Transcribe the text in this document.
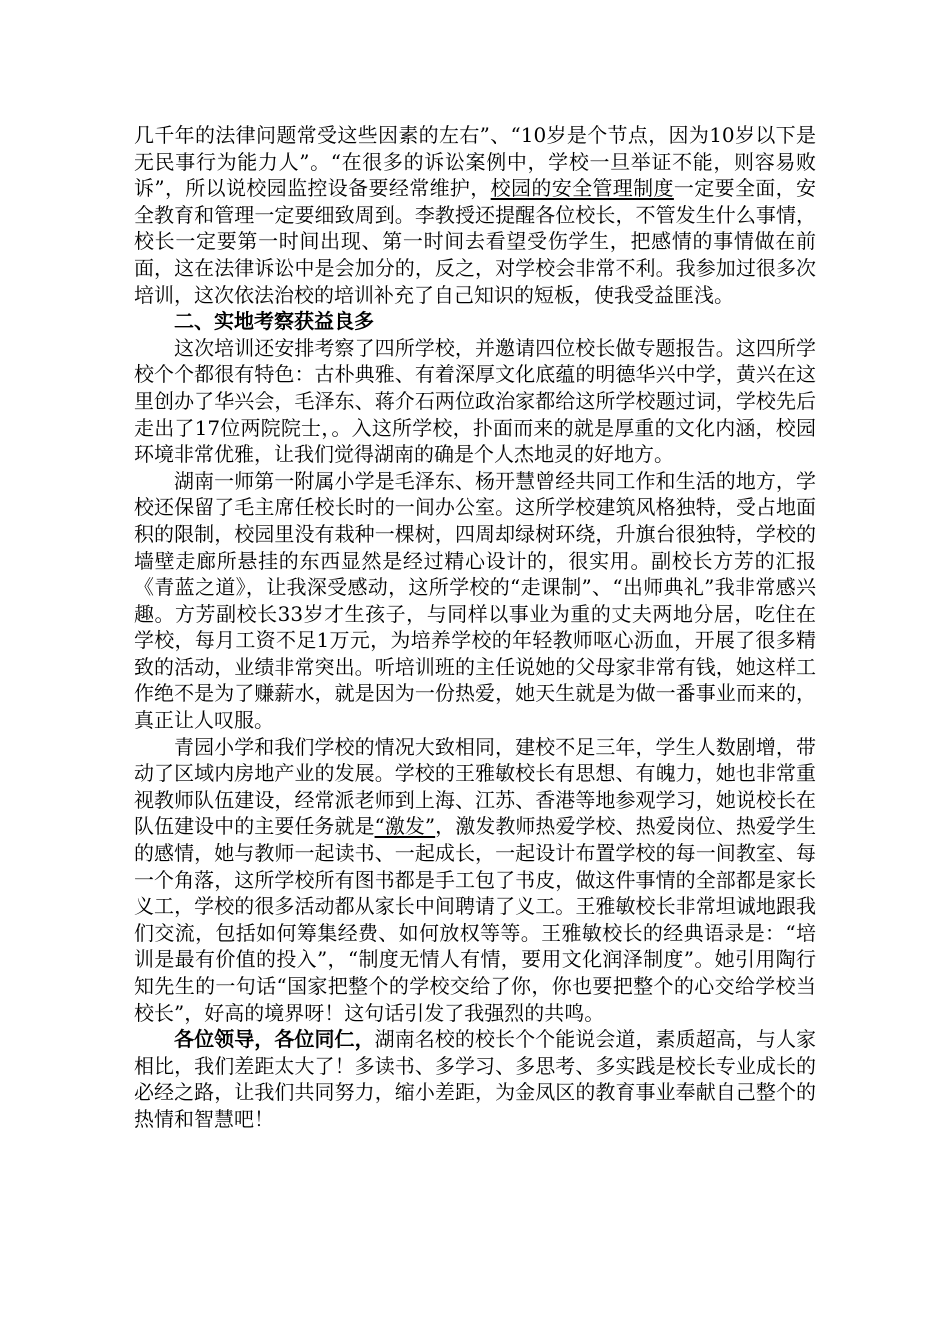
几千年的法律问题常受这些因素的左右”、“10岁是个节点，因为10岁以下是无民事行为能力人”。“在很多的诉讼案例中，学校一旦举证不能，则容易败诉”，所以说校园监控设备要经常维护，校园的安全管理制度一定要全面，安全教育和管理一定要细致周到。李教授还提醒各位校长，不管发生什么事情，校长一定要第一时间出现、第一时间去看望受伤学生，把感情的事情做在前面，这在法律诉讼中是会加分的，反之，对学校会非常不利。我参加过很多次培训，这次依法治校的培训补充了自己知识的短板，使我受益匪浅。

二、实地考察获益良多

这次培训还安排考察了四所学校，并邀请四位校长做专题报告。这四所学校个个都很有特色：古朴典雅、有着深厚文化底蕴的明德华兴中学，黄兴在这里创办了华兴会，毛泽东、蒋介石两位政治家都给这所学校题过词，学校先后走出了17位两院院士，。入这所学校，扑面而来的就是厚重的文化内涵，校园环境非常优雅，让我们觉得湖南的确是个人杰地灵的好地方。

湖南一师第一附属小学是毛泽东、杨开慧曾经共同工作和生活的地方，学校还保留了毛主席任校长时的一间办公室。这所学校建筑风格独特，受占地面积的限制，校园里没有栽种一棵树，四周却绿树环绕，升旗台很独特，学校的墙壁走廊所悬挂的东西显然是经过精心设计的，很实用。副校长方芳的汇报《青蓝之道》，让我深受感动，这所学校的“走课制”、“出师典礼”我非常感兴趣。方芳副校长33岁才生孩子，与同样以事业为重的丈夫两地分居，吃住在学校，每月工资不足1万元，为培养学校的年轻教师呕心沥血，开展了很多精致的活动，业绩非常突出。听培训班的主任说她的父母家非常有钱，她这样工作绝不是为了赚薪水，就是因为一份热爱，她天生就是为做一番事业而来的，真正让人叹服。

青园小学和我们学校的情况大致相同，建校不足三年，学生人数剧增，带动了区域内房地产业的发展。学校的王雅敏校长有思想、有魄力，她也非常重视教师队伍建设，经常派老师到上海、江苏、香港等地参观学习，她说校长在队伍建设中的主要任务就是“激发”，激发教师热爱学校、热爱岗位、热爱学生的感情，她与教师一起读书、一起成长，一起设计布置学校的每一间教室、每一个角落，这所学校所有图书都是手工包了书皮，做这件事情的全部都是家长义工，学校的很多活动都从家长中间聘请了义工。王雅敏校长非常坦诚地跟我们交流，包括如何筹集经费、如何放权等等。王雅敏校长的经典语录是：“培训是最有价值的投入”，“制度无情人有情，要用文化润泽制度”。她引用陶行知先生的一句话“国家把整个的学校交给了你，你也要把整个的心交给学校当校长”，好高的境界呀！这句话引发了我强烈的共鸣。

各位领导，各位同仁，湖南名校的校长个个能说会道，素质超高，与人家相比，我们差距太大了！多读书、多学习、多思考、多实践是校长专业成长的必经之路，让我们共同努力，缩小差距，为金凤区的教育事业奉献自己整个的热情和智慧吧！
